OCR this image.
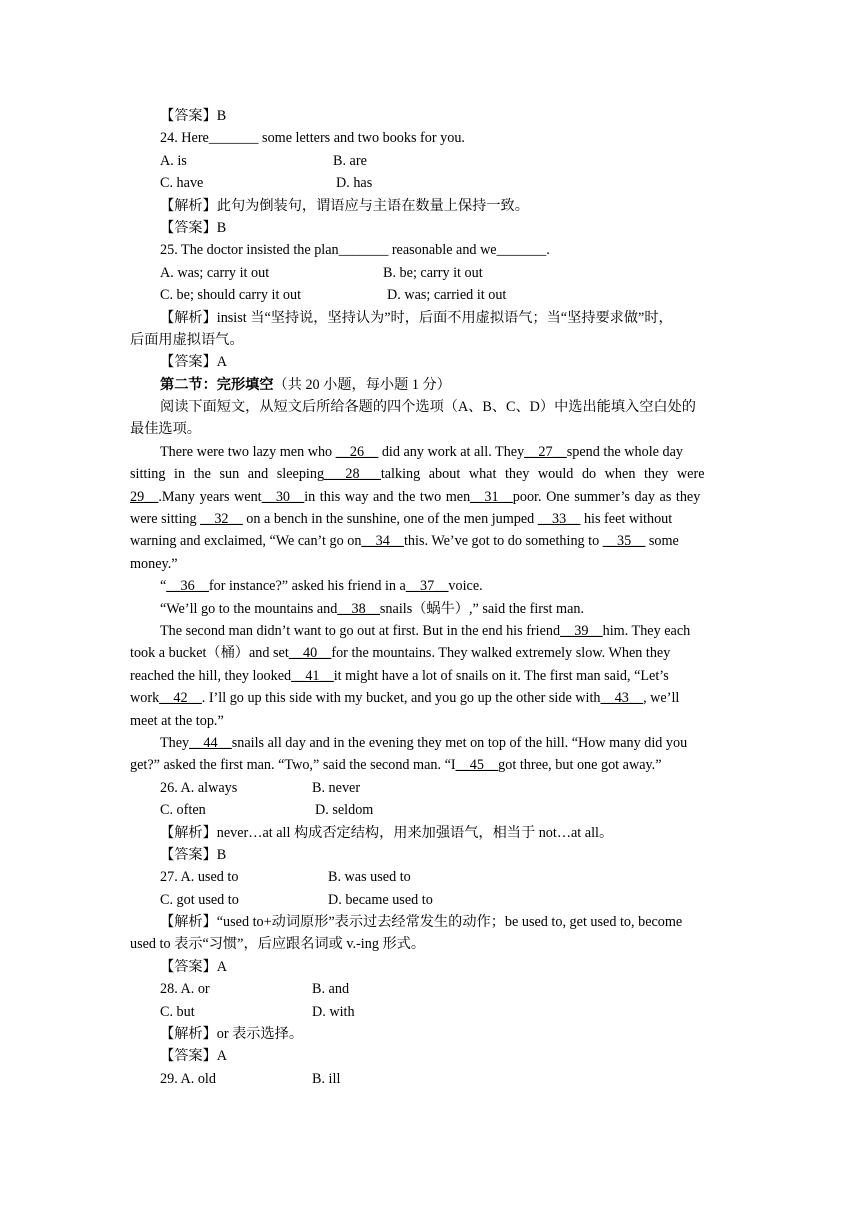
【答案】B
24. Here_______ some letters and two books for you.
A. is	B. are
C. have	D. has
【解析】此句为倒装句，谓语应与主语在数量上保持一致。
【答案】B
25. The doctor insisted the plan_______ reasonable and we_______.
A. was; carry it out	B. be; carry it out
C. be; should carry it out	D. was; carried it out
【解析】insist 当“坚持说，坚持认为”时，后面不用虚拟语气；当“坚持要求做”时，
后面用虚拟语气。
【答案】A
第二节：完形填空（共 20 小题，每小题 1 分）
阅读下面短文，从短文后所给各题的四个选项（A、B、C、D）中选出能填入空白处的
最佳选项。
There were two lazy men who __26__ did any work at all. They__27__spend the whole day
sitting in the sun and sleeping___28___talking about what they would do when they were
29__.Many years went__30__in this way and the two men__31__poor. One summer’s day as they
were sitting __32__ on a bench in the sunshine, one of the men jumped __33__ his feet without
warning and exclaimed, “We can’t go on__34__this. We’ve got to do something to __35__ some
money.”
“__36__for instance?” asked his friend in a__37__voice.
“We’ll go to the mountains and__38__snails（蜗牛）,” said the first man.
The second man didn’t want to go out at first. But in the end his friend__39__him. They each
took a bucket（桶）and set__40__for the mountains. They walked extremely slow. When they
reached the hill, they looked__41__it might have a lot of snails on it. The first man said, “Let’s
work__42__. I’ll go up this side with my bucket, and you go up the other side with__43__, we’ll
meet at the top.”
They__44__snails all day and in the evening they met on top of the hill. “How many did you
get?” asked the first man. “Two,” said the second man. “I__45__got three, but one got away.”
26. A. always	B. never
C. often	D. seldom
【解析】never…at all 构成否定结构，用来加强语气，相当于 not…at all。
【答案】B
27. A. used to	B. was used to
C. got used to	D. became used to
【解析】“used to+动词原形”表示过去经常发生的动作；be used to, get used to, become
used to 表示“习惯”，后应跟名词或 v.-ing 形式。
【答案】A
28. A. or	B. and
C. but	D. with
【解析】or 表示选择。
【答案】A
29. A. old	B. ill
